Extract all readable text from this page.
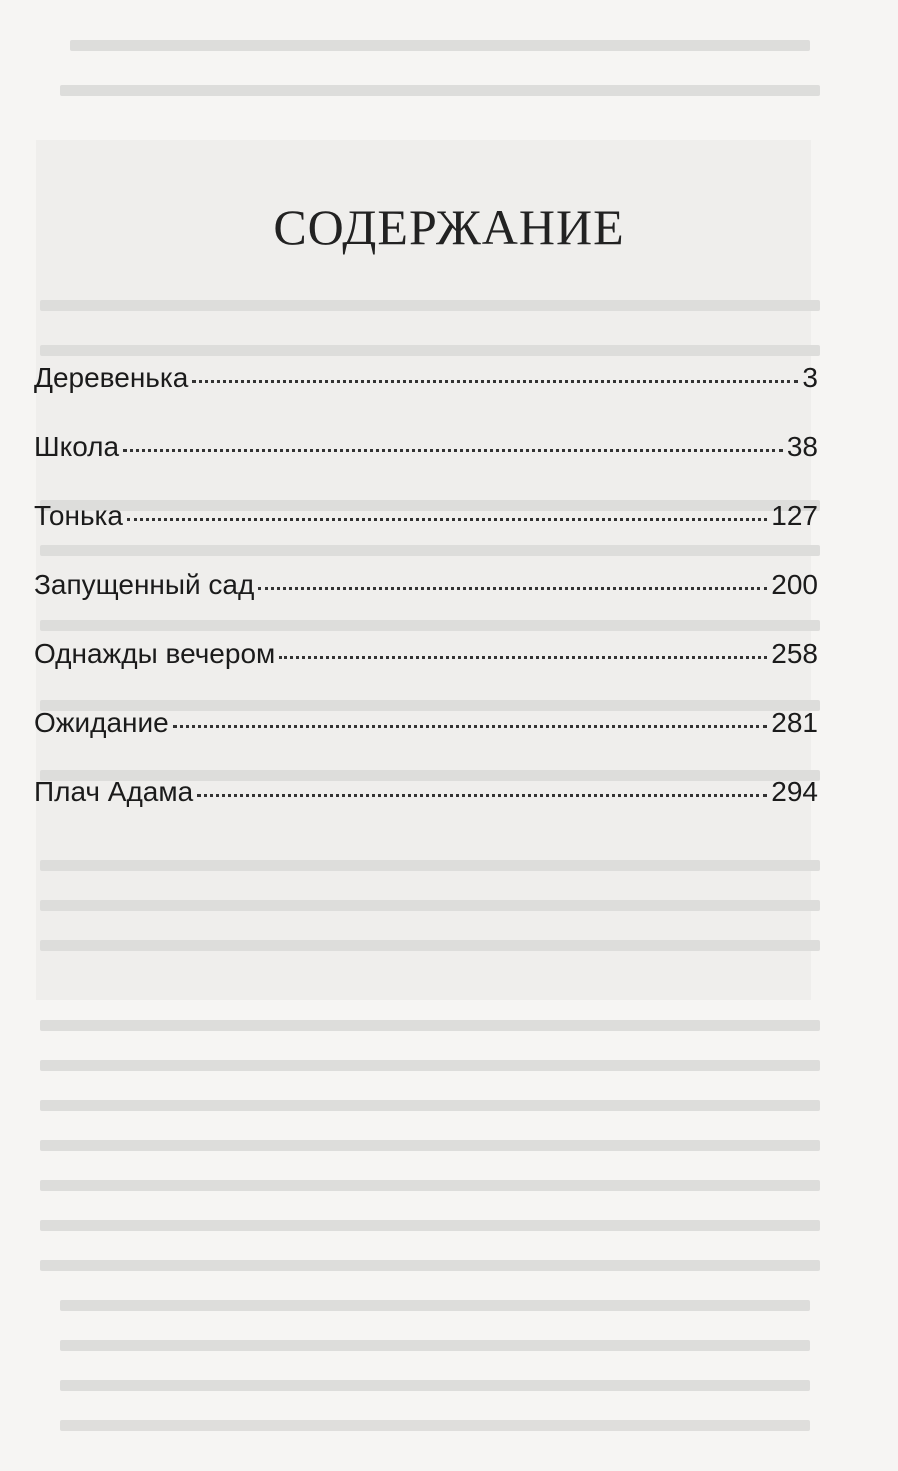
СОДЕРЖАНИЕ
Деревенька	3
Школа	38
Тонька	127
Запущенный сад	200
Однажды вечером	258
Ожидание	281
Плач Адама	294
